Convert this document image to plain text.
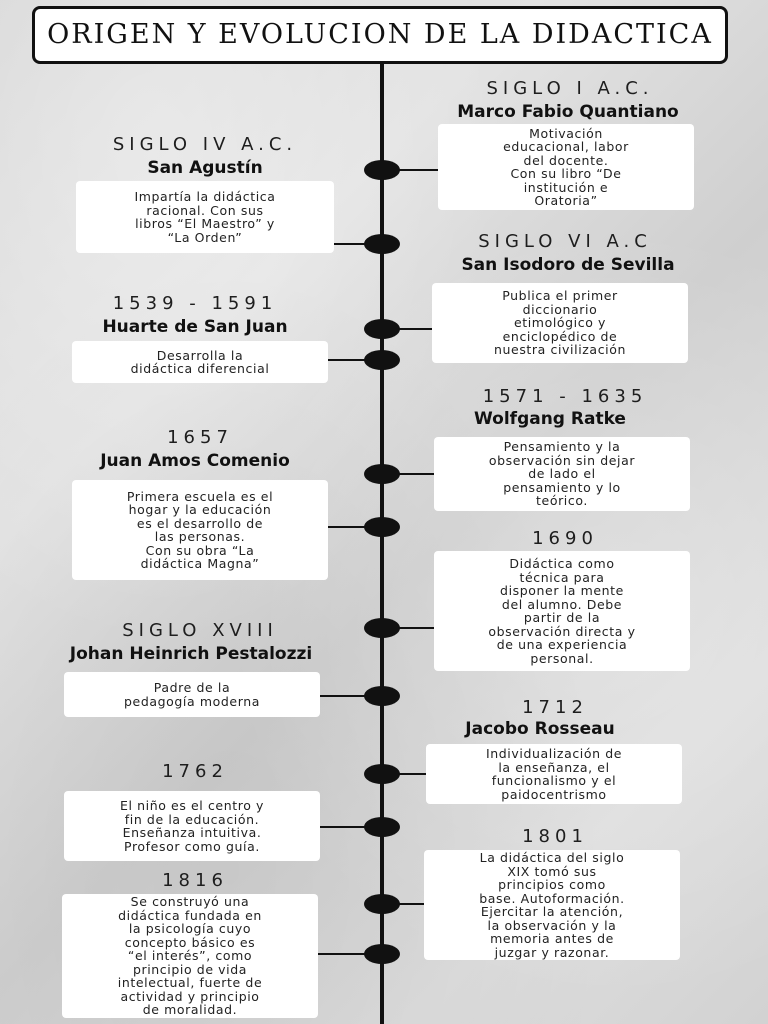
ORIGEN Y EVOLUCION DE LA DIDACTICA
SIGLO I A.C.
Marco Fabio Quantiano
Motivación
educacional, labor
del docente.
Con su libro “De
institución e
Oratoria”
SIGLO IV A.C.
San Agustín
Impartía la didáctica
racional. Con sus
libros “El Maestro” y
“La Orden”	SIGLO VI A.C
San Isodoro de Sevilla
Publica el primer
diccionario
etimológico y
enciclopédico de
nuestra civilización
1539 - 1591
Huarte de San Juan
Desarrolla la
didáctica diferencial
1571 - 1635
Wolfgang Ratke
Pensamiento y la
observación sin dejar
de lado el
pensamiento y lo
teórico.
1657
Juan Amos Comenio
Primera escuela es el
hogar y la educación
es el desarrollo de
las personas.
Con su obra “La
didáctica Magna”
1690
Didáctica como
técnica para
disponer la mente
del alumno. Debe
partir de la
observación directa y
de una experiencia
personal.
SIGLO XVIII
Johan Heinrich Pestalozzi
Padre de la
pedagogía moderna	1712
Jacobo Rosseau
Individualización de
la enseñanza, el
funcionalismo y el
paidocentrismo
1762
El niño es el centro y
fin de la educación.
Enseñanza intuitiva.
Profesor como guía.	1801
La didáctica del siglo
XIX tomó sus
principios como
base. Autoformación.
Ejercitar la atención,
la observación y la
memoria antes de
juzgar y razonar.
1816
Se construyó una
didáctica fundada en
la psicología cuyo
concepto básico es
“el interés”, como
principio de vida
intelectual, fuerte de
actividad y principio
de moralidad.
